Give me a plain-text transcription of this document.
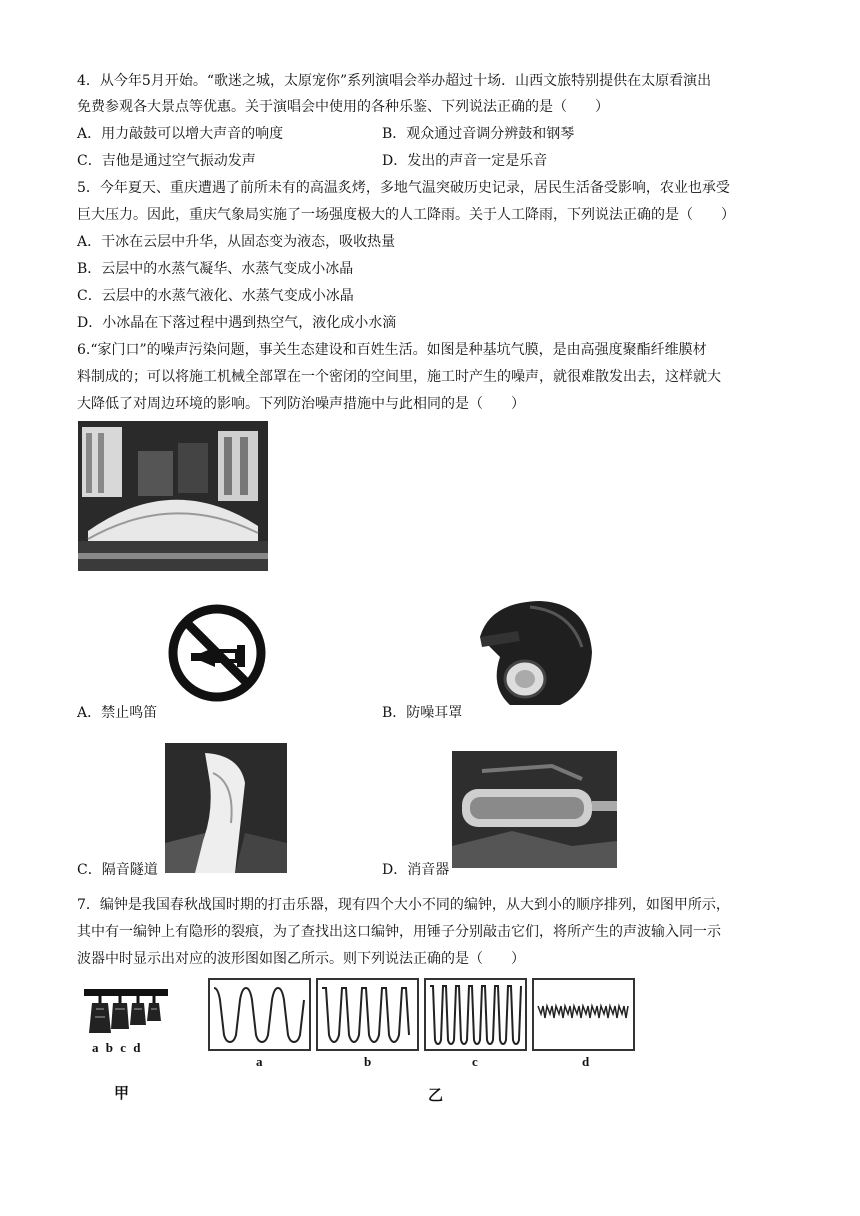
4．从今年5月开始。“歌迷之城，太原宠你”系列演唱会举办超过十场．山西文旅特别提供在太原看演出
免费参观各大景点等优惠。关于演唱会中使用的各种乐鉴、下列说法正确的是（　　）
A．用力敲鼓可以增大声音的响度	B．观众通过音调分辨鼓和钢琴
C．吉他是通过空气振动发声	D．发出的声音一定是乐音
5．今年夏天、重庆遭遇了前所未有的高温炙烤，多地气温突破历史记录，居民生活备受影响，农业也承受
巨大压力。因此，重庆气象局实施了一场强度极大的人工降雨。关于人工降雨，下列说法正确的是（　　）
A．干冰在云层中升华，从固态变为液态，吸收热量
B．云层中的水蒸气凝华、水蒸气变成小冰晶
C．云层中的水蒸气液化、水蒸气变成小冰晶
D．小冰晶在下落过程中遇到热空气，液化成小水滴
6.“家门口”的噪声污染问题，事关生态建设和百姓生活。如图是种基坑气膜，是由高强度聚酯纤维膜材
料制成的；可以将施工机械全部罩在一个密闭的空间里，施工时产生的噪声，就很难散发出去，这样就大
大降低了对周边环境的影响。下列防治噪声措施中与此相同的是（　　）
A．禁止鸣笛	B．防噪耳罩
C．隔音隧道	D．消音器
7．编钟是我国春秋战国时期的打击乐器，现有四个大小不同的编钟，从大到小的顺序排列，如图甲所示，
其中有一编钟上有隐形的裂痕，为了查找出这口编钟，用锤子分别敲击它们，将所产生的声波输入同一示
波器中时显示出对应的波形图如图乙所示。则下列说法正确的是（　　）
a b c d
甲
a	b	c	d
乙
